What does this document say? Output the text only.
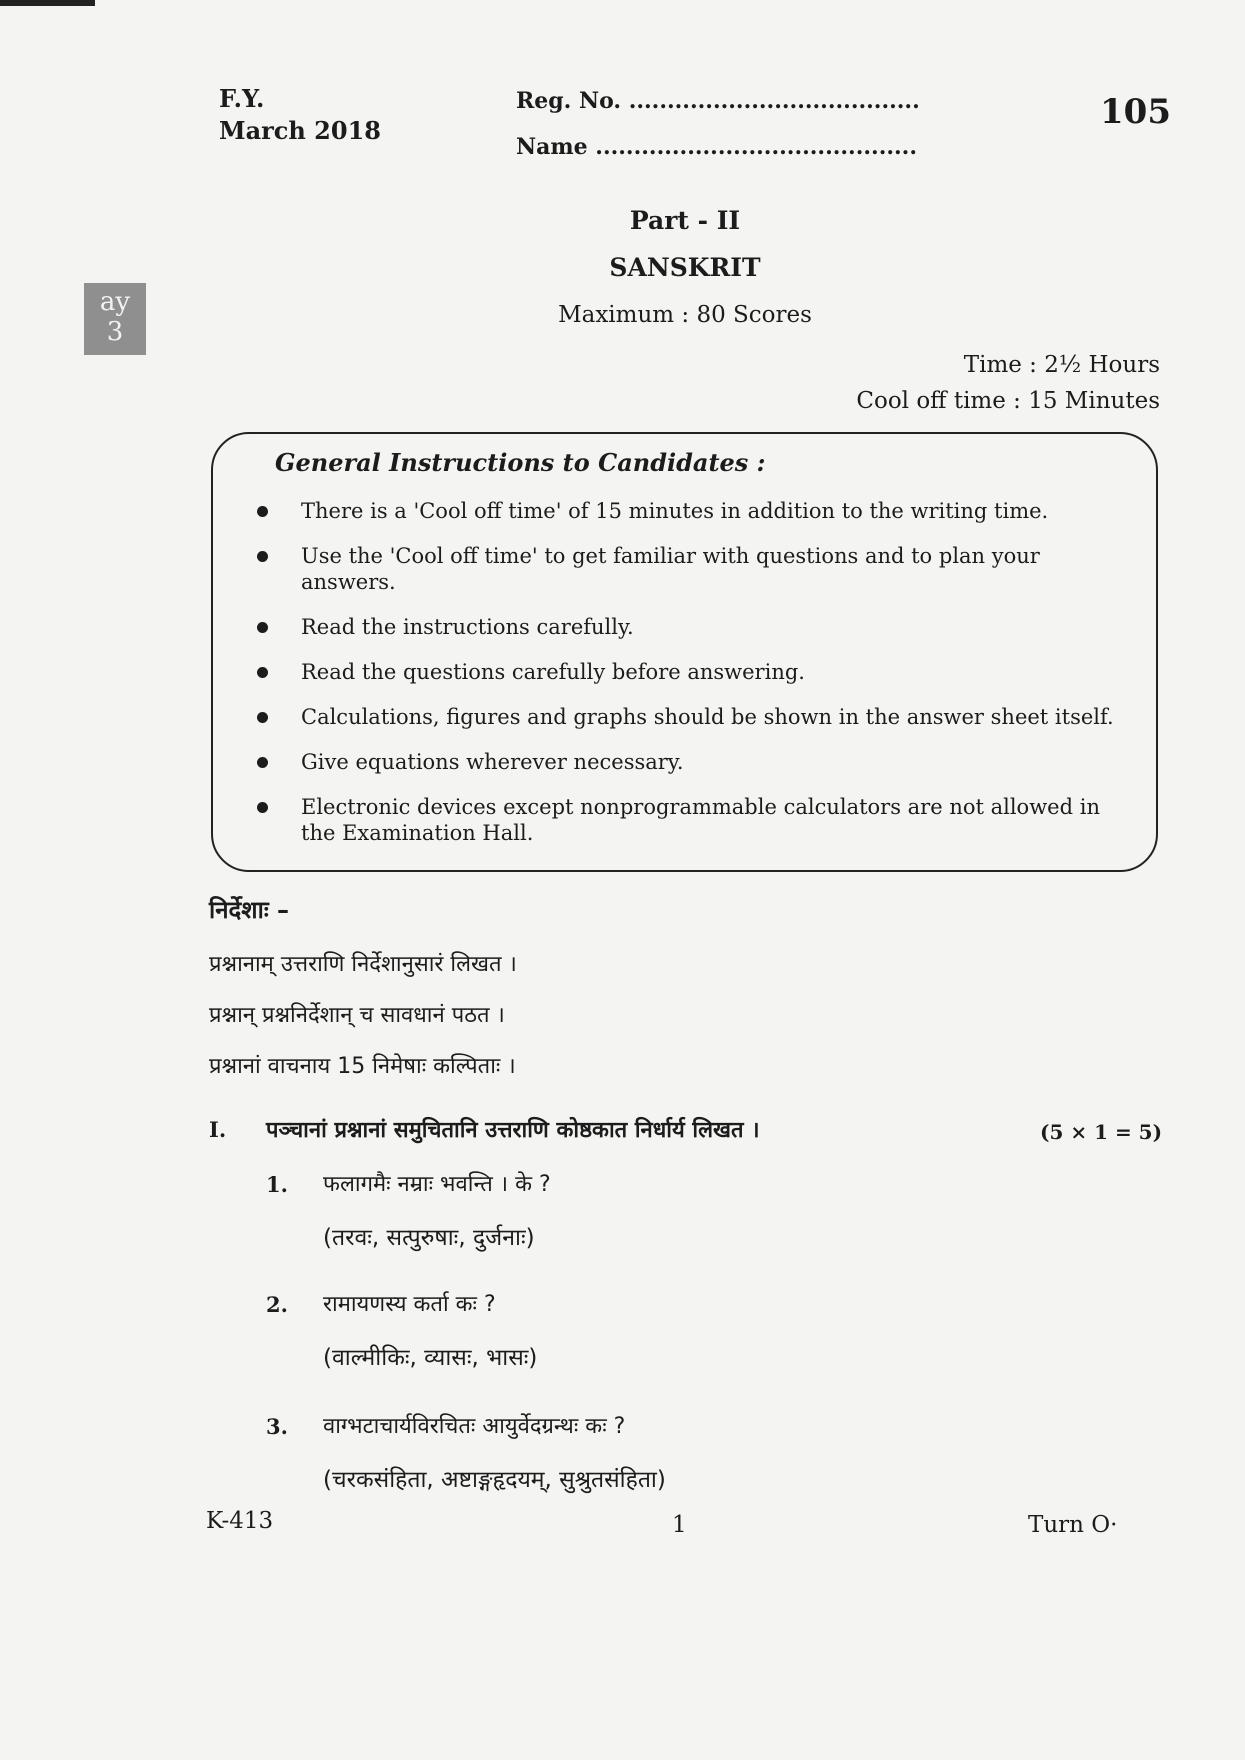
F.Y.
March 2018
Reg. No. ......................................
Name ..........................................
105
ay
3
Part - II
SANSKRIT
Maximum : 80 Scores
Time : 2½ Hours
Cool off time : 15 Minutes
General Instructions to Candidates :
There is a 'Cool off time' of 15 minutes in addition to the writing time.
Use the 'Cool off time' to get familiar with questions and to plan your answers.
Read the instructions carefully.
Read the questions carefully before answering.
Calculations, figures and graphs should be shown in the answer sheet itself.
Give equations wherever necessary.
Electronic devices except nonprogrammable calculators are not allowed in the Examination Hall.
निर्देशाः –
प्रश्नानाम् उत्तराणि निर्देशानुसारं लिखत ।
प्रश्नान् प्रश्ननिर्देशान् च सावधानं पठत ।
प्रश्नानां वाचनाय 15 निमेषाः कल्पिताः ।
I. पञ्चानां प्रश्नानां समुचितानि उत्तराणि कोष्ठकात निर्धार्य लिखत ।	(5 × 1 = 5)
1. फलागमैः नम्राः भवन्ति । के ?
(तरवः, सत्पुरुषाः, दुर्जनाः)
2. रामायणस्य कर्ता कः ?
(वाल्मीकिः, व्यासः, भासः)
3. वाग्भटाचार्यविरचितः आयुर्वेदग्रन्थः कः ?
(चरकसंहिता, अष्टाङ्गहृदयम्, सुश्रुतसंहिता)
K-413	1	Turn O·
